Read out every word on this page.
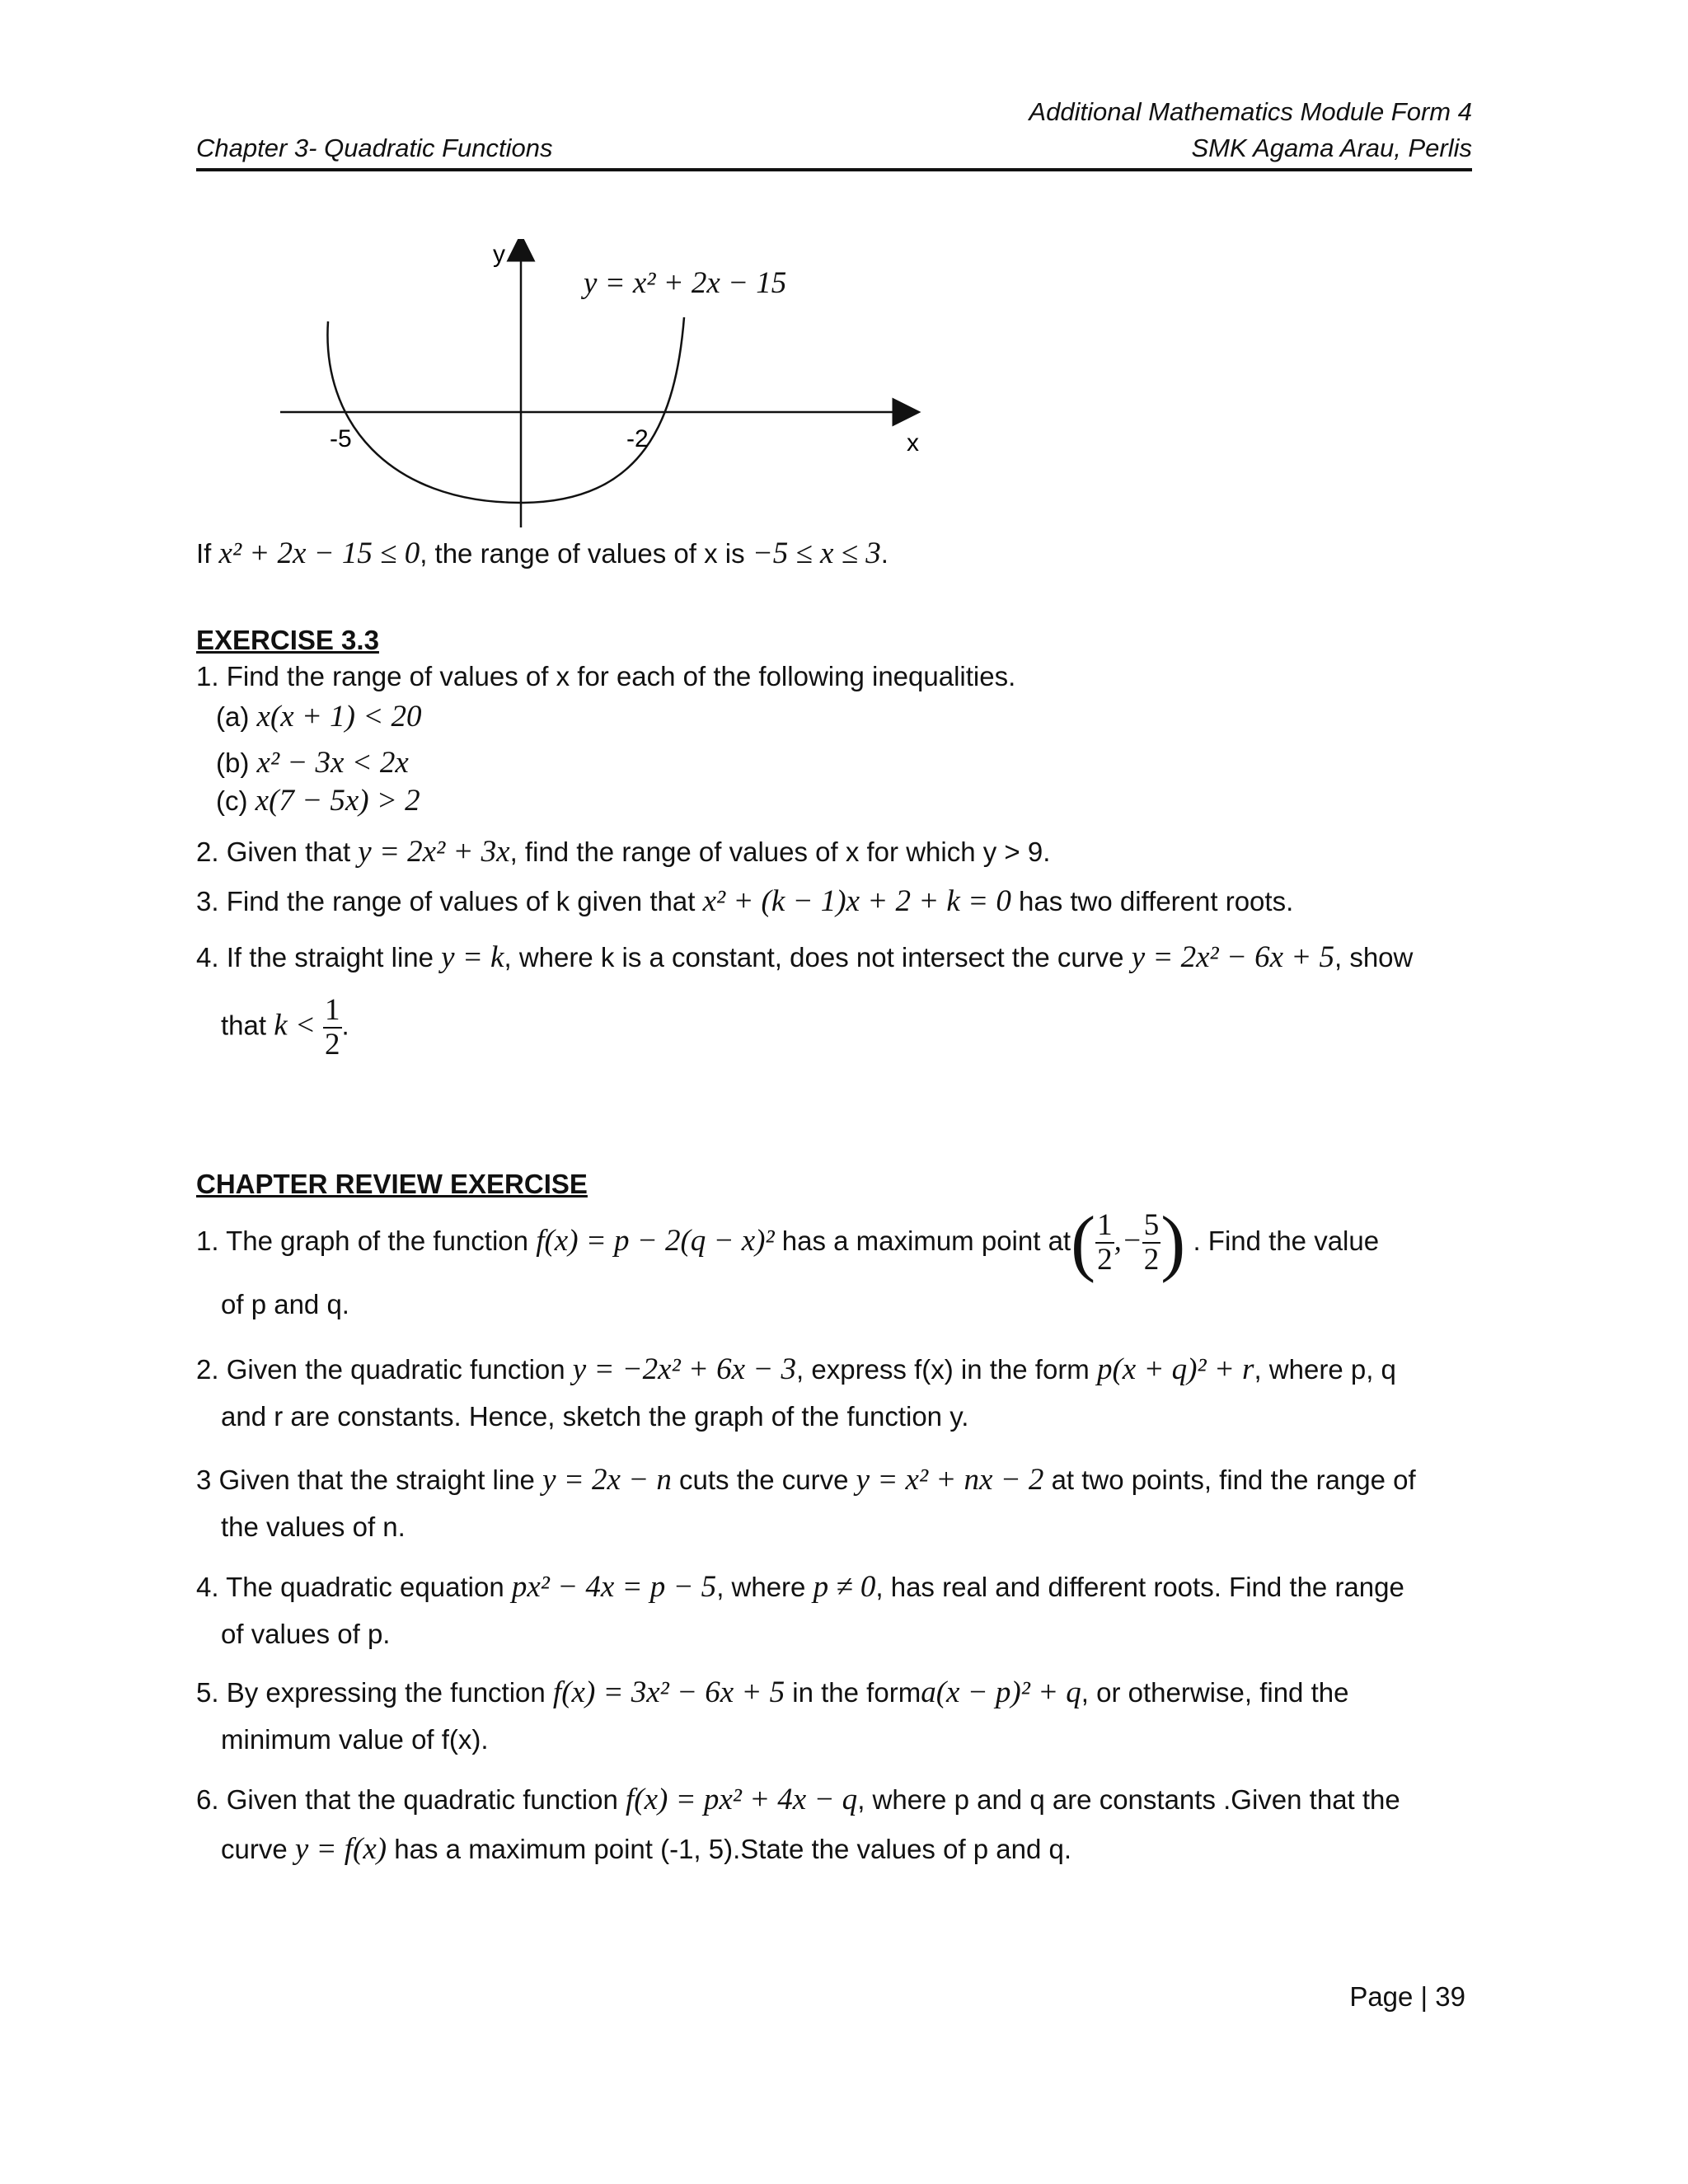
Additional Mathematics Module Form 4
Chapter 3- Quadratic Functions	SMK Agama Arau, Perlis
y
x
-5	-2
y = x² + 2x − 15
If x² + 2x − 15 ≤ 0, the range of values of x is −5 ≤ x ≤ 3.
EXERCISE 3.3
1. Find the range of values of x for each of the following inequalities.
(a) x(x + 1) < 20
(b) x² − 3x < 2x
(c) x(7 − 5x) > 2
2. Given that y = 2x² + 3x, find the range of values of x for which y > 9.
3. Find the range of values of k given that x² + (k − 1)x + 2 + k = 0 has two different roots.
4. If the straight line y = k, where k is a constant, does not intersect the curve y = 2x² − 6x + 5, show
that $k < \frac{1}{2}$ .
CHAPTER REVIEW EXERCISE
1. The graph of the function f(x) = p − 2(q − x)² has a maximum point $at( \frac{1}{2}$ ,− $\frac{5}{2}$ ) . Find the value
of p and q.
2. Given the quadratic function y = −2x² + 6x − 3, express f(x) in the form p(x + q)² + r, where p, q
and r are constants. Hence, sketch the graph of the function y.
3 Given that the straight line y = 2x − n cuts the curve y = x² + nx − 2 at two points, find the range of
the values of n.
4. The quadratic equation px² − 4x = p − 5, where p ≠ 0, has real and different roots. Find the range
of values of p.
5. By expressing the function f(x) = 3x² − 6x + 5 in the forma(x − p)² + q, or otherwise, find the
minimum value of f(x).
6. Given that the quadratic function f(x) = px² + 4x − q, where p and q are constants .Given that the
curve y = f(x) has a maximum point (-1, 5).State the values of p and q.
Page | 39
